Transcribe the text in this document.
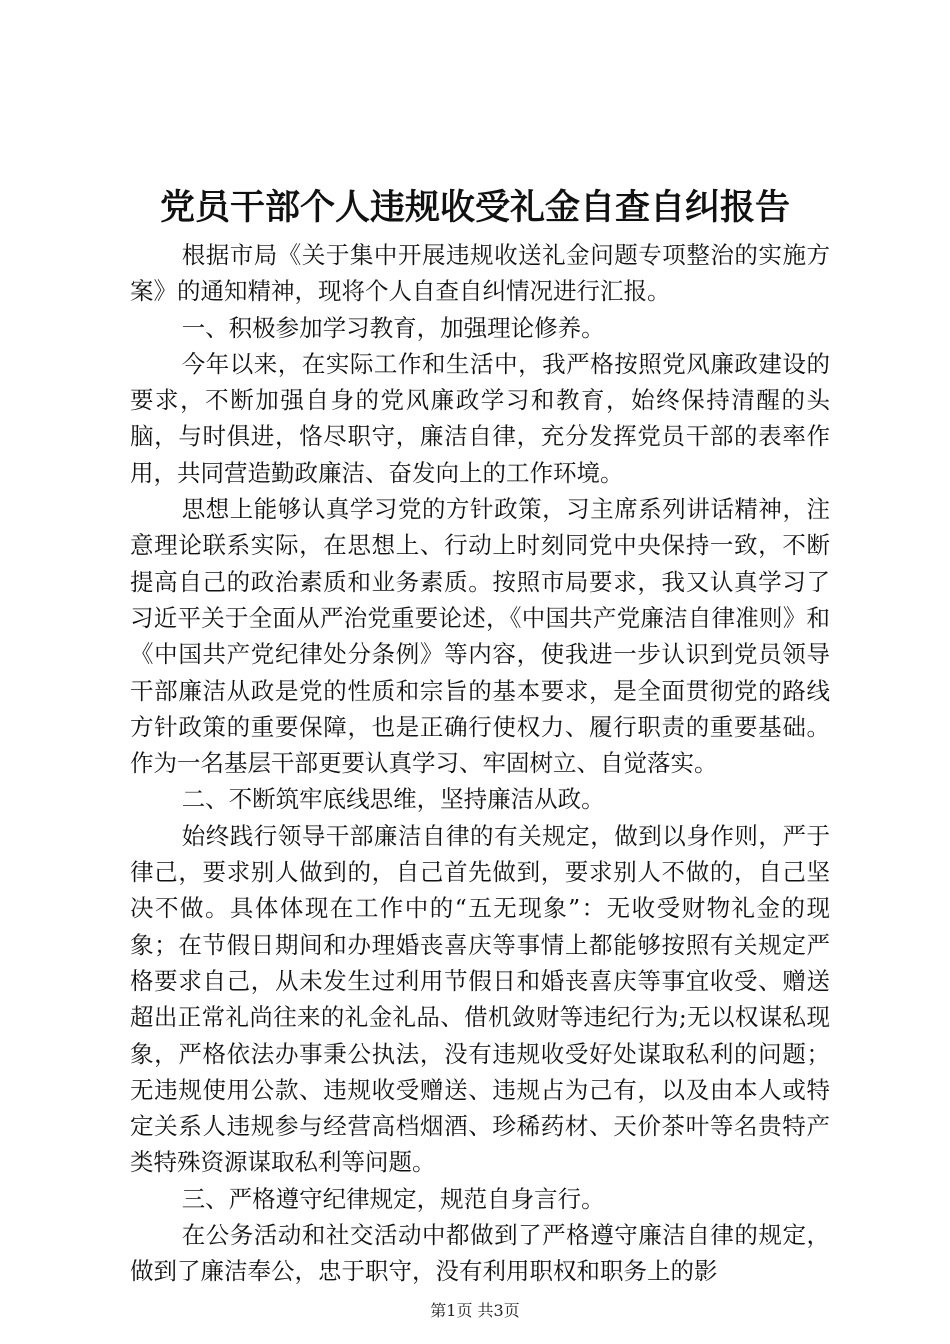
党员干部个人违规收受礼金自查自纠报告

根据市局《关于集中开展违规收送礼金问题专项整治的实施方案》的通知精神，现将个人自查自纠情况进行汇报。

一、积极参加学习教育，加强理论修养。

今年以来，在实际工作和生活中，我严格按照党风廉政建设的要求，不断加强自身的党风廉政学习和教育，始终保持清醒的头脑，与时俱进，恪尽职守，廉洁自律，充分发挥党员干部的表率作用，共同营造勤政廉洁、奋发向上的工作环境。

思想上能够认真学习党的方针政策，习主席系列讲话精神，注意理论联系实际，在思想上、行动上时刻同党中央保持一致，不断提高自己的政治素质和业务素质。按照市局要求，我又认真学习了习近平关于全面从严治党重要论述，《中国共产党廉洁自律准则》和《中国共产党纪律处分条例》等内容，使我进一步认识到党员领导干部廉洁从政是党的性质和宗旨的基本要求，是全面贯彻党的路线方针政策的重要保障，也是正确行使权力、履行职责的重要基础。作为一名基层干部更要认真学习、牢固树立、自觉落实。

二、不断筑牢底线思维，坚持廉洁从政。

始终践行领导干部廉洁自律的有关规定，做到以身作则，严于律己，要求别人做到的，自己首先做到，要求别人不做的，自己坚决不做。具体体现在工作中的“五无现象”：无收受财物礼金的现象；在节假日期间和办理婚丧喜庆等事情上都能够按照有关规定严格要求自己，从未发生过利用节假日和婚丧喜庆等事宜收受、赠送超出正常礼尚往来的礼金礼品、借机敛财等违纪行为;无以权谋私现象，严格依法办事秉公执法，没有违规收受好处谋取私利的问题；无违规使用公款、违规收受赠送、违规占为己有，以及由本人或特定关系人违规参与经营高档烟酒、珍稀药材、天价茶叶等名贵特产类特殊资源谋取私利等问题。

三、严格遵守纪律规定，规范自身言行。

在公务活动和社交活动中都做到了严格遵守廉洁自律的规定，做到了廉洁奉公，忠于职守，没有利用职权和职务上的影

第1页 共3页
